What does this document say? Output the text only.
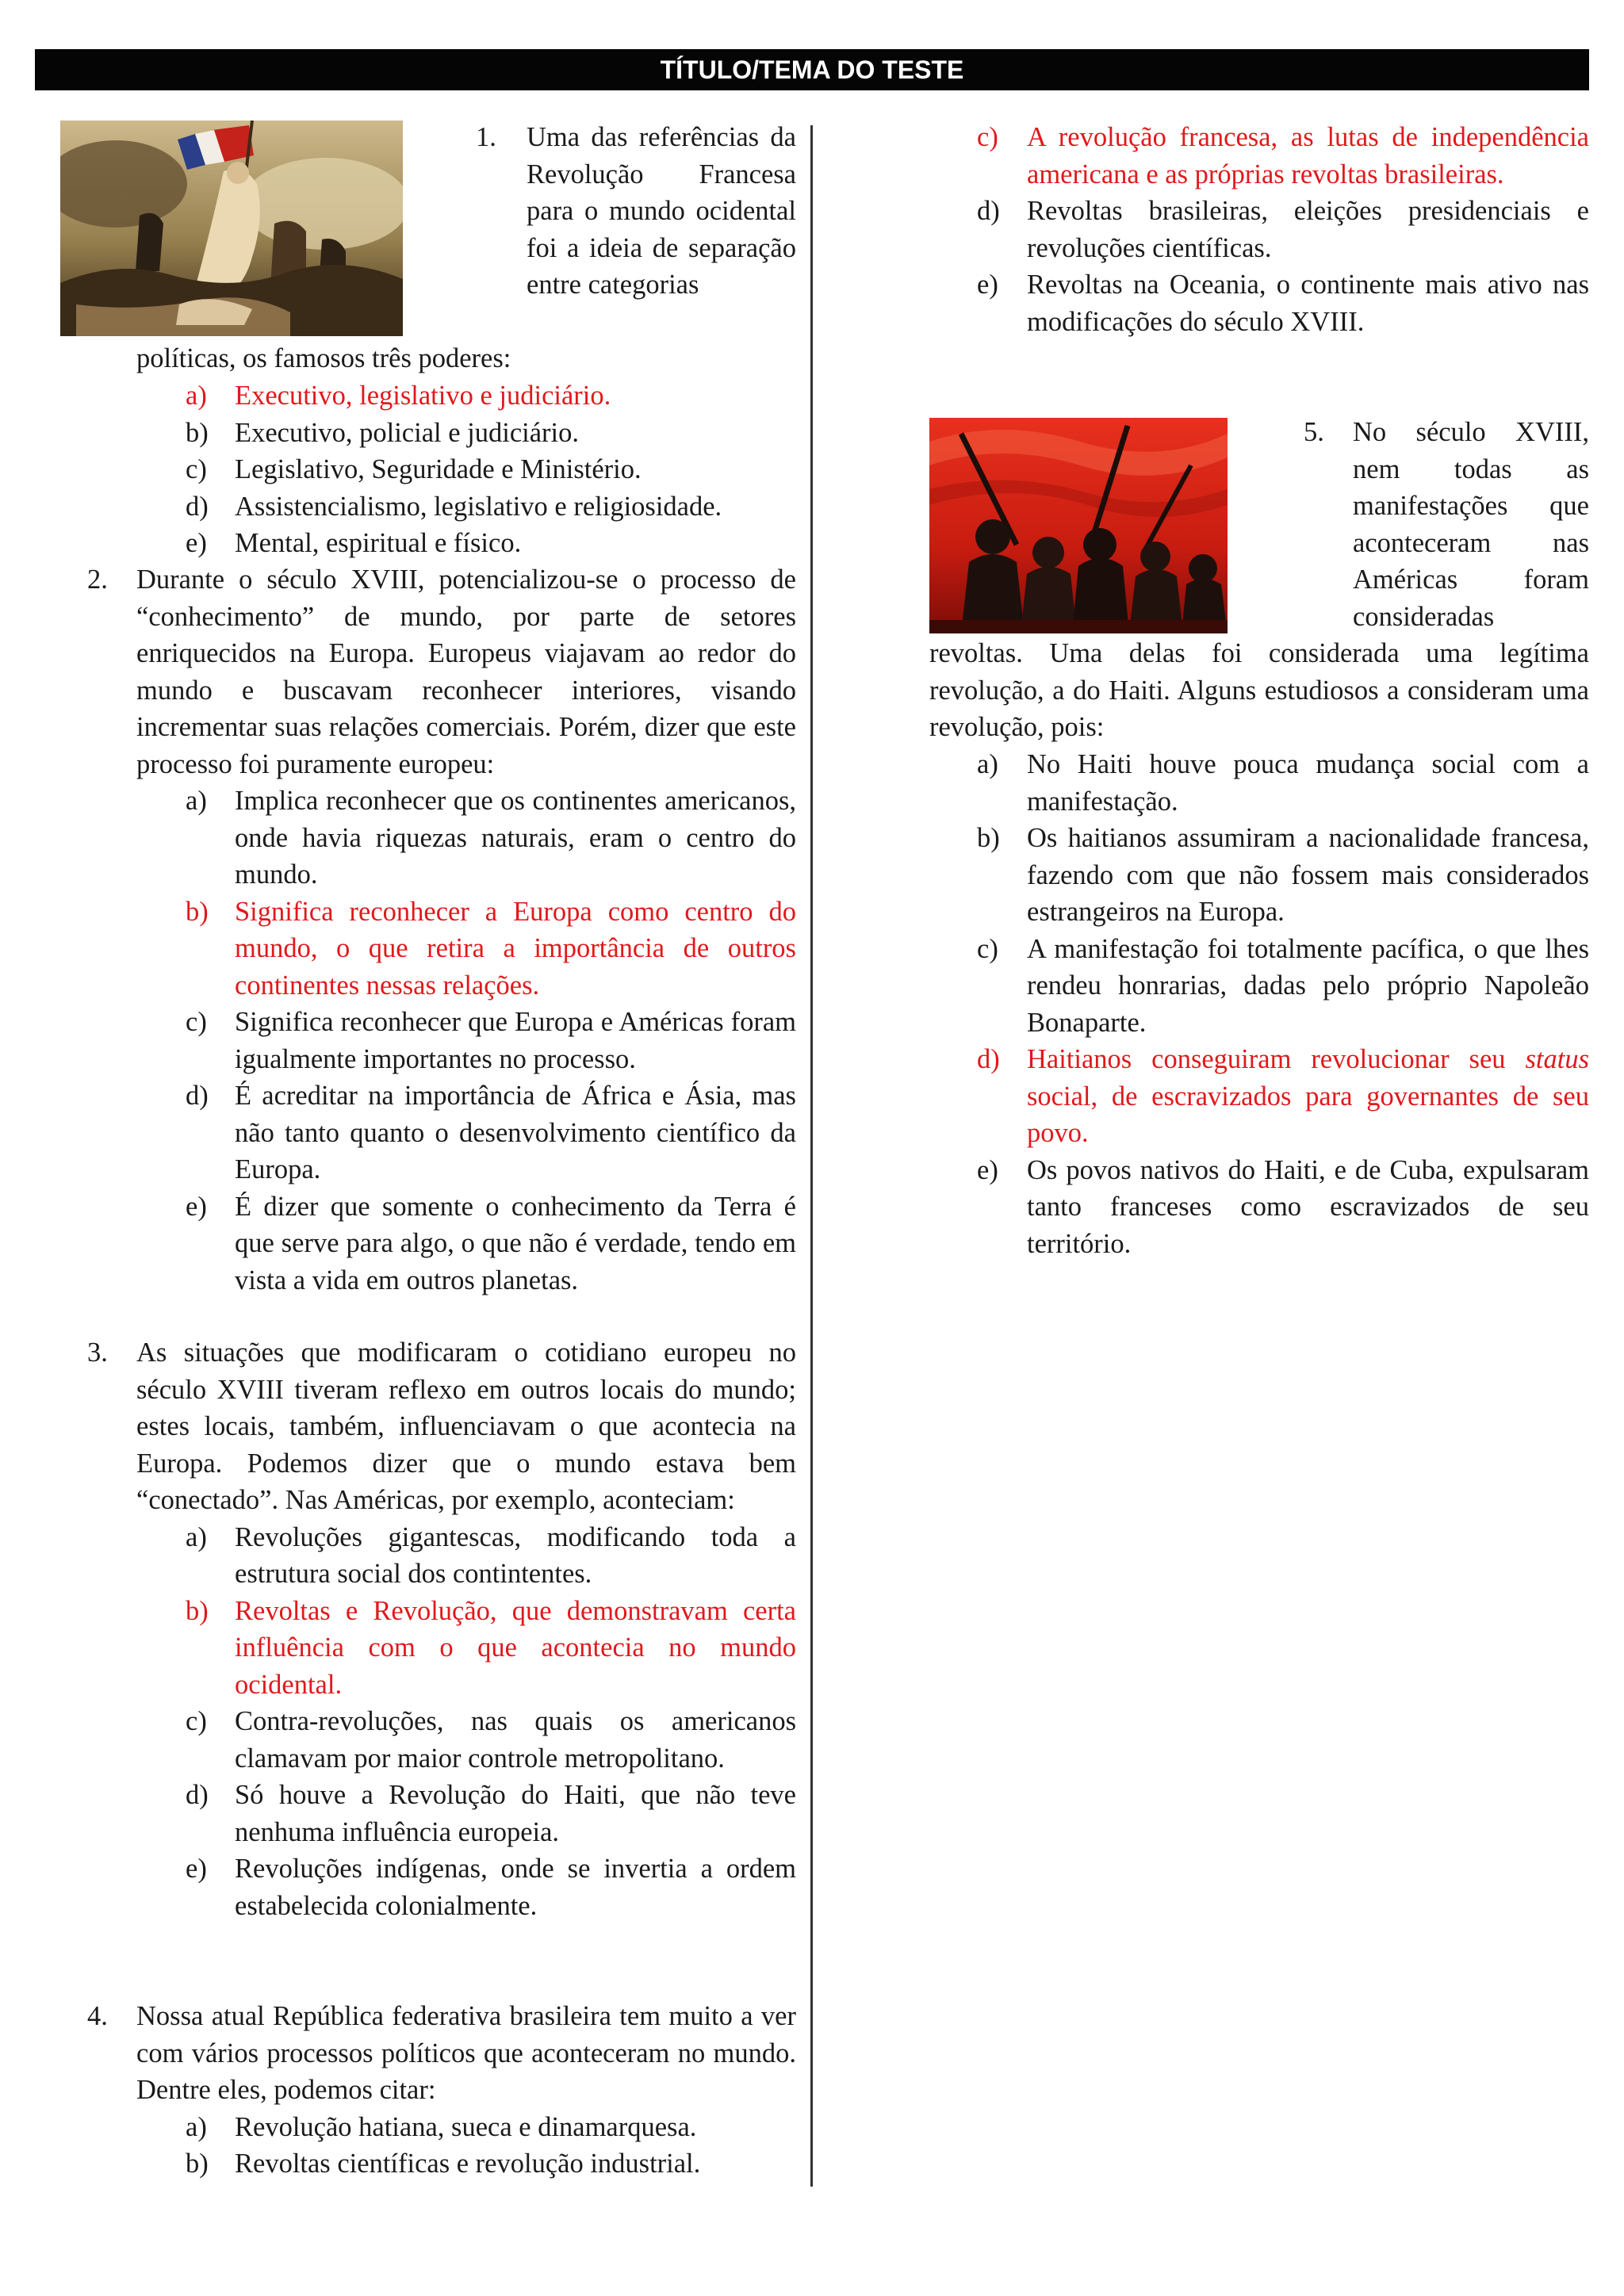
TÍTULO/TEMA DO TESTE
1. Uma das referências da Revolução Francesa para o mundo ocidental foi a ideia de separação entre categorias
políticas, os famosos três poderes:
a) Executivo, legislativo e judiciário.
b) Executivo, policial e judiciário.
c) Legislativo, Seguridade e Ministério.
d) Assistencialismo, legislativo e religiosidade.
e) Mental, espiritual e físico.
2. Durante o século XVIII, potencializou-se o processo de “conhecimento” de mundo, por parte de setores enriquecidos na Europa. Europeus viajavam ao redor do mundo e buscavam reconhecer interiores, visando incrementar suas relações comerciais. Porém, dizer que este processo foi puramente europeu:
a) Implica reconhecer que os continentes americanos, onde havia riquezas naturais, eram o centro do mundo.
b) Significa reconhecer a Europa como centro do mundo, o que retira a importância de outros continentes nessas relações.
c) Significa reconhecer que Europa e Américas foram igualmente importantes no processo.
d) É acreditar na importância de África e Ásia, mas não tanto quanto o desenvolvimento científico da Europa.
e) É dizer que somente o conhecimento da Terra é que serve para algo, o que não é verdade, tendo em vista a vida em outros planetas.
3. As situações que modificaram o cotidiano europeu no século XVIII tiveram reflexo em outros locais do mundo; estes locais, também, influenciavam o que acontecia na Europa. Podemos dizer que o mundo estava bem “conectado”. Nas Américas, por exemplo, aconteciam:
a) Revoluções gigantescas, modificando toda a estrutura social dos contintentes.
b) Revoltas e Revolução, que demonstravam certa influência com o que acontecia no mundo ocidental.
c) Contra-revoluções, nas quais os americanos clamavam por maior controle metropolitano.
d) Só houve a Revolução do Haiti, que não teve nenhuma influência europeia.
e) Revoluções indígenas, onde se invertia a ordem estabelecida colonialmente.
4. Nossa atual República federativa brasileira tem muito a ver com vários processos políticos que aconteceram no mundo. Dentre eles, podemos citar:
a) Revolução hatiana, sueca e dinamarquesa.
b) Revoltas científicas e revolução industrial.
c) A revolução francesa, as lutas de independência americana e as próprias revoltas brasileiras.
d) Revoltas brasileiras, eleições presidenciais e revoluções científicas.
e) Revoltas na Oceania, o continente mais ativo nas modificações do século XVIII.
5.	No século XVIII, nem todas as manifestações que aconteceram nas Américas foram consideradas
revoltas. Uma delas foi considerada uma legítima revolução, a do Haiti. Alguns estudiosos a consideram uma revolução, pois:
a) No Haiti houve pouca mudança social com a manifestação.
b) Os haitianos assumiram a nacionalidade francesa, fazendo com que não fossem mais considerados estrangeiros na Europa.
c) A manifestação foi totalmente pacífica, o que lhes rendeu honrarias, dadas pelo próprio Napoleão Bonaparte.
d) Haitianos conseguiram revolucionar seu status social, de escravizados para governantes de seu povo.
e) Os povos nativos do Haiti, e de Cuba, expulsaram tanto franceses como escravizados de seu território.
